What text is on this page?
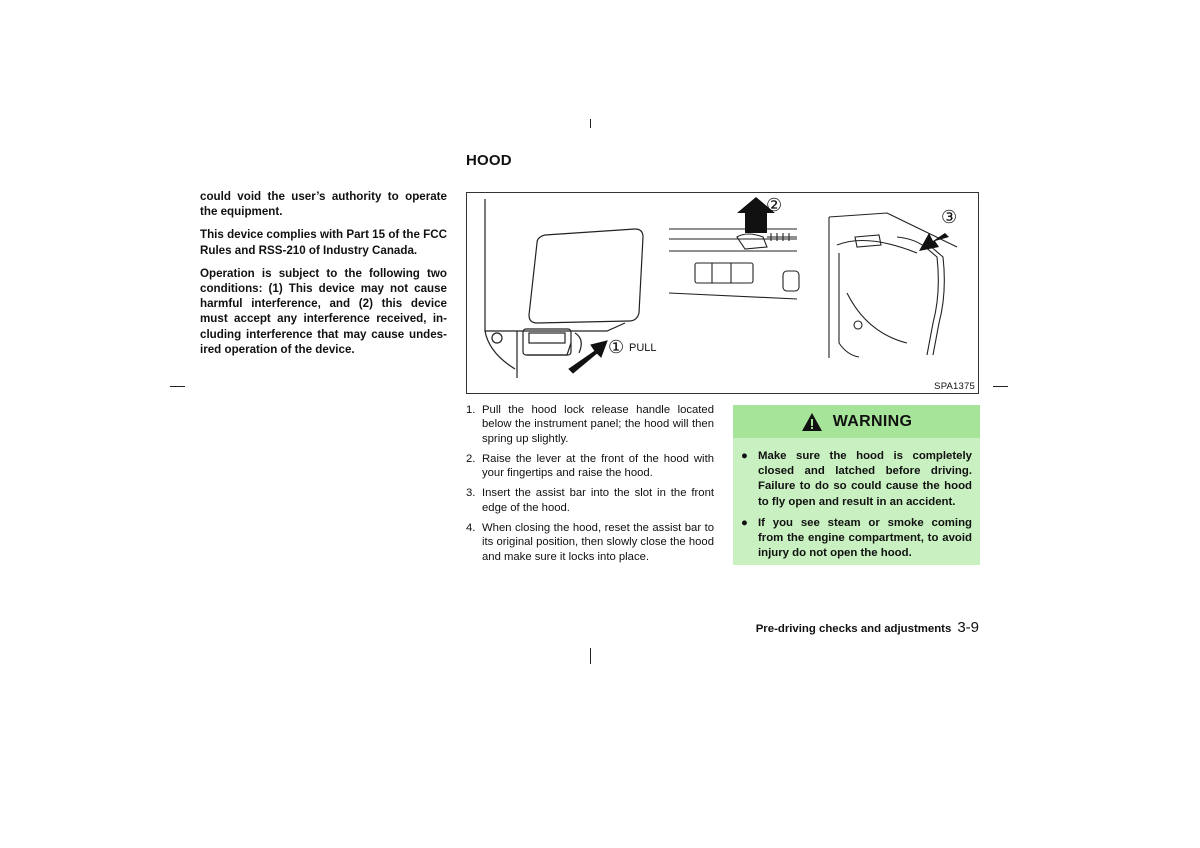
could void the user’s authority to operate the equipment.

This device complies with Part 15 of the FCC Rules and RSS-210 of Industry Canada.

Operation is subject to the following two conditions: (1) This device may not cause harmful interference, and (2) this device must accept any interference received, in-cluding interference that may cause undes-ired operation of the device.

HOOD
① PULL
②
③
SPA1375
1. Pull the hood lock release handle located below the instrument panel; the hood will then spring up slightly.
2. Raise the lever at the front of the hood with your fingertips and raise the hood.
3. Insert the assist bar into the slot in the front edge of the hood.
4. When closing the hood, reset the assist bar to its original position, then slowly close the hood and make sure it locks into place.
WARNING
● Make sure the hood is completely closed and latched before driving. Failure to do so could cause the hood to fly open and result in an accident.
● If you see steam or smoke coming from the engine compartment, to avoid injury do not open the hood.
Pre-driving checks and adjustments 3-9
